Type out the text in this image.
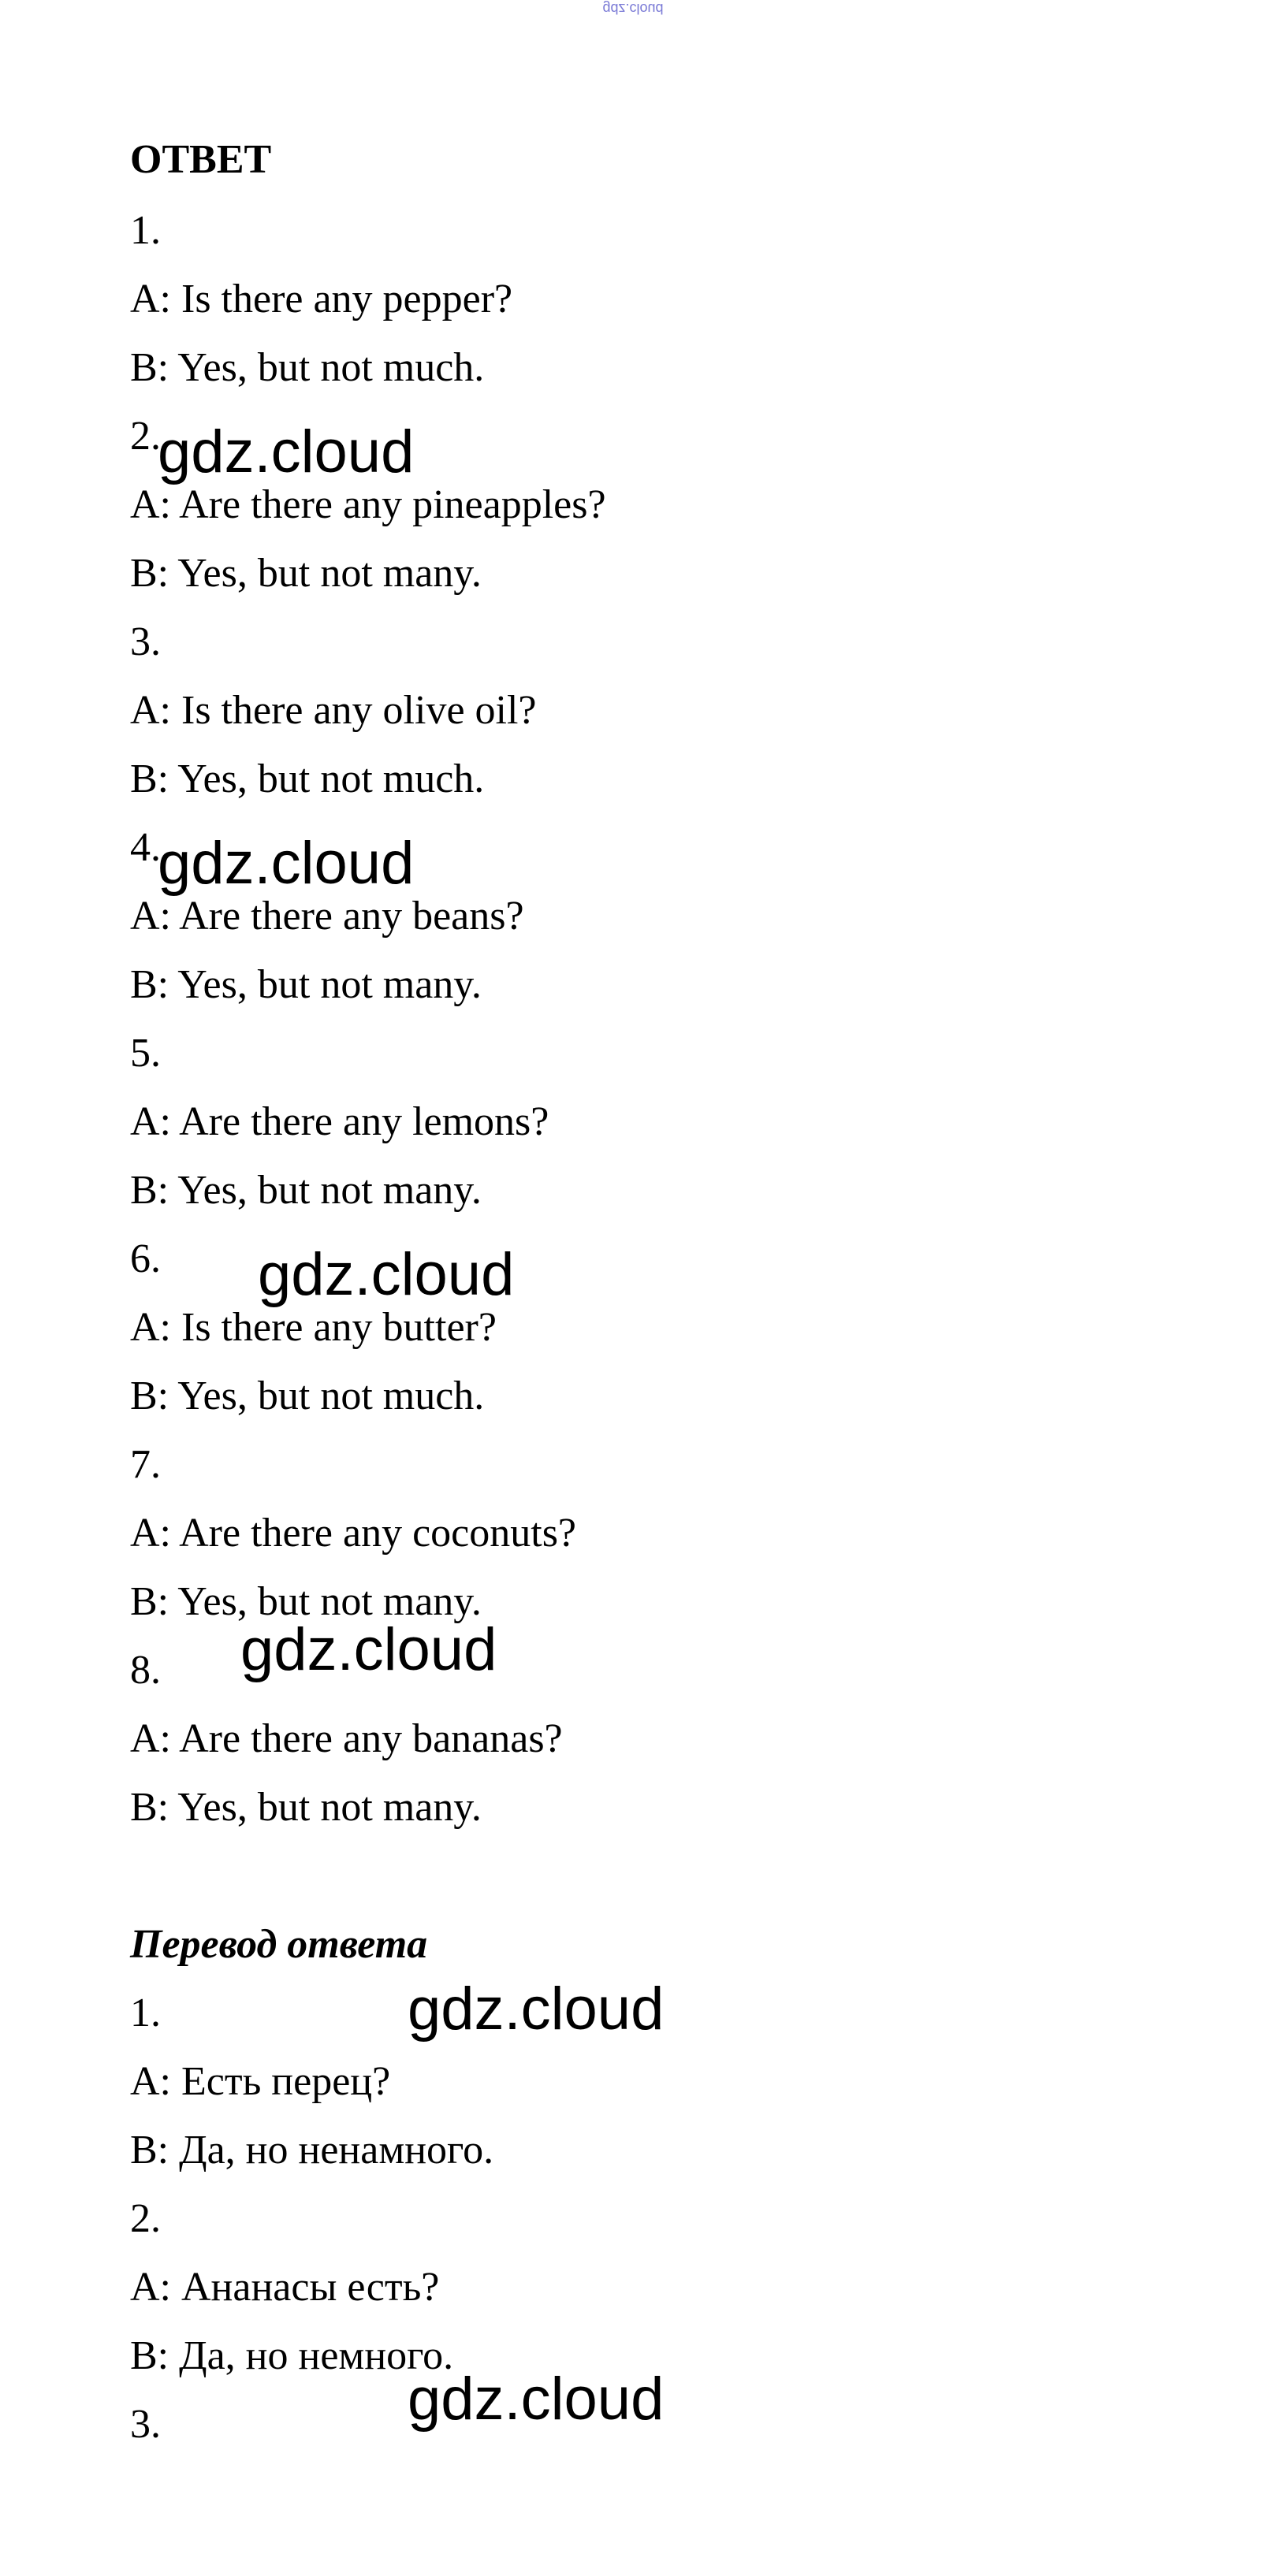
gdz.cloud
ОТВЕТ
1.
A: Is there any pepper?
B: Yes, but not much.
2.
A: Are there any pineapples?
B: Yes, but not many.
3.
A: Is there any olive oil?
B: Yes, but not much.
4.
A: Are there any beans?
B: Yes, but not many.
5.
A: Are there any lemons?
B: Yes, but not many.
6.
A: Is there any butter?
B: Yes, but not much.
7.
A: Are there any coconuts?
B: Yes, but not many.
8.
A: Are there any bananas?
B: Yes, but not many.
Перевод ответа
1.
A: Есть перец?
B: Да, но ненамного.
2.
A: Ананасы есть?
B: Да, но немного.
3.
gdz.cloud
gdz.cloud
gdz.cloud
gdz.cloud
gdz.cloud
gdz.cloud
